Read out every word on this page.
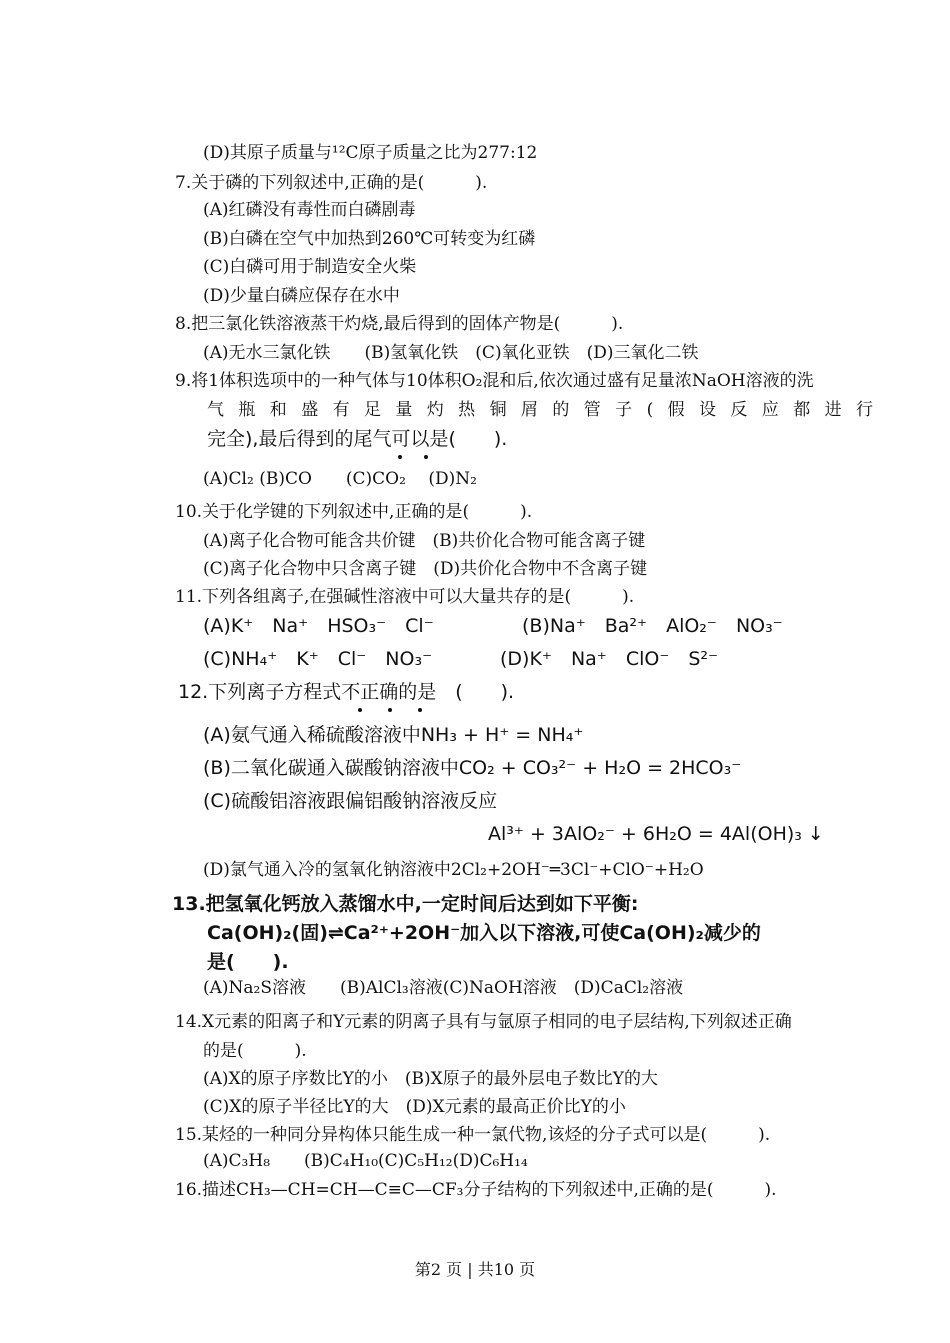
(D)其原子质量与¹²C原子质量之比为277:12
7.关于磷的下列叙述中,正确的是(　　　).
(A)红磷没有毒性而白磷剧毒
(B)白磷在空气中加热到260℃可转变为红磷
(C)白磷可用于制造安全火柴
(D)少量白磷应保存在水中
8.把三氯化铁溶液蒸干灼烧,最后得到的固体产物是(　　　).
(A)无水三氯化铁　　(B)氢氧化铁　(C)氧化亚铁　(D)三氧化二铁
9.将1体积选项中的一种气体与10体积O₂混和后,依次通过盛有足量浓NaOH溶液的洗
气瓶和盛有足量灼热铜屑的管子(假设反应都进行
完全),最后得到的尾气可以是(　　).
(A)Cl₂ (B)CO　　(C)CO₂　 (D)N₂
10.关于化学键的下列叙述中,正确的是(　　　).
(A)离子化合物可能含共价键　(B)共价化合物可能含离子键
(C)离子化合物中只含离子键　(D)共价化合物中不含离子键
11.下列各组离子,在强碱性溶液中可以大量共存的是(　　　).
(A)K⁺　Na⁺　HSO₃⁻　Cl⁻	(B)Na⁺　Ba²⁺　AlO₂⁻　NO₃⁻
(C)NH₄⁺　K⁺　Cl⁻　NO₃⁻	(D)K⁺　Na⁺　ClO⁻　S²⁻
12.下列离子方程式不正确的是　(　　).
(A)氨气通入稀硫酸溶液中NH₃ + H⁺ = NH₄⁺
(B)二氧化碳通入碳酸钠溶液中CO₂ + CO₃²⁻ + H₂O = 2HCO₃⁻
(C)硫酸铝溶液跟偏铝酸钠溶液反应
Al³⁺ + 3AlO₂⁻ + 6H₂O = 4Al(OH)₃ ↓
(D)氯气通入冷的氢氧化钠溶液中2Cl₂+2OH⁻═3Cl⁻+ClO⁻+H₂O
13.把氢氧化钙放入蒸馏水中,一定时间后达到如下平衡:
Ca(OH)₂(固)⇌Ca²⁺+2OH⁻加入以下溶液,可使Ca(OH)₂减少的
是(　　).
(A)Na₂S溶液　　(B)AlCl₃溶液(C)NaOH溶液　(D)CaCl₂溶液
14.X元素的阳离子和Y元素的阴离子具有与氩原子相同的电子层结构,下列叙述正确
的是(　　　).
(A)X的原子序数比Y的小　(B)X原子的最外层电子数比Y的大
(C)X的原子半径比Y的大　(D)X元素的最高正价比Y的小
15.某烃的一种同分异构体只能生成一种一氯代物,该烃的分子式可以是(　　　).
(A)C₃H₈　　(B)C₄H₁₀(C)C₅H₁₂(D)C₆H₁₄
16.描述CH₃—CH=CH—C≡C—CF₃分子结构的下列叙述中,正确的是(　　　).
第2 页 | 共10 页
